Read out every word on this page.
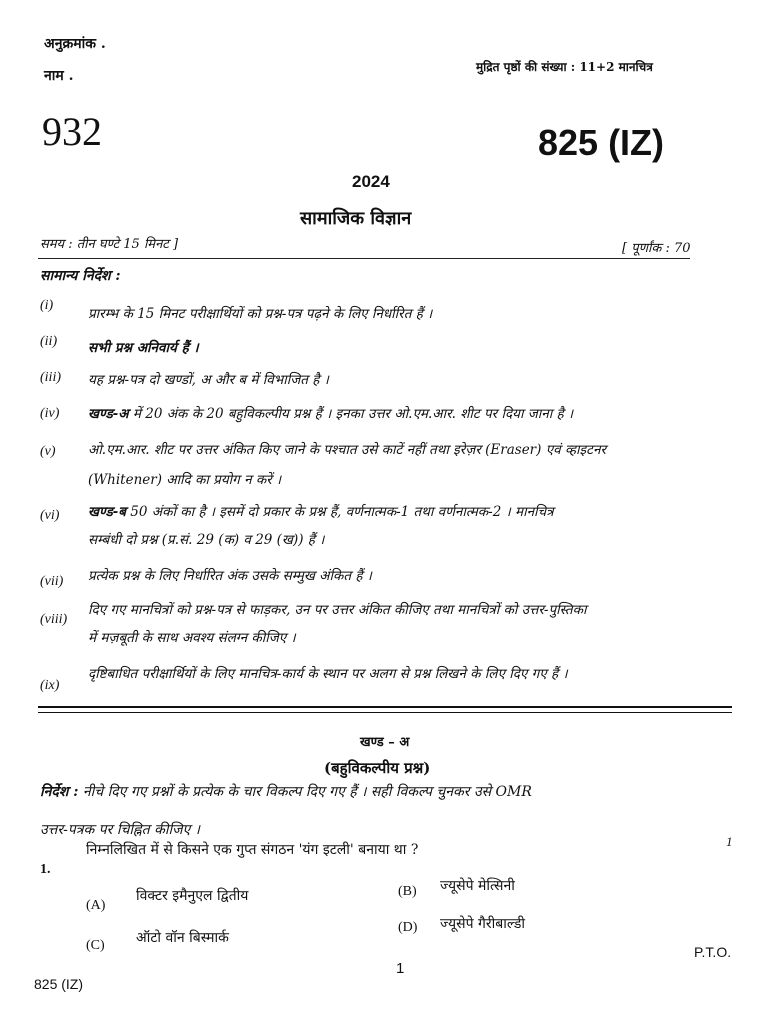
अनुक्रमांक .
नाम .
मुद्रित पृष्ठों की संख्या : 11+2 मानचित्र
932	825 (IZ)
2024
सामाजिक विज्ञान
समय : तीन घण्टे 15 मिनट ]	[ पूर्णांक : 70
सामान्य निर्देश :
(i)
प्रारम्भ के 15 मिनट परीक्षार्थियों को प्रश्न-पत्र पढ़ने के लिए निर्धारित हैं ।
(ii) सभी प्रश्न अनिवार्य हैं ।
(iii) यह प्रश्न-पत्र दो खण्डों, अ और ब में विभाजित है ।
(iv) खण्ड-अ में 20 अंक के 20 बहुविकल्पीय प्रश्न हैं । इनका उत्तर ओ.एम.आर. शीट पर दिया जाना है ।
(v) ओ.एम.आर. शीट पर उत्तर अंकित किए जाने के पश्चात उसे काटें नहीं तथा इरेज़र (Eraser) एवं व्हाइटनर
(Whitener) आदि का प्रयोग न करें ।
(vi) खण्ड-ब 50 अंकों का है । इसमें दो प्रकार के प्रश्न हैं, वर्णनात्मक-1 तथा वर्णनात्मक-2 । मानचित्र
सम्बंधी दो प्रश्न (प्र.सं. 29 (क) व 29 (ख)) हैं ।
(vii) प्रत्येक प्रश्न के लिए निर्धारित अंक उसके सम्मुख अंकित हैं ।
(viii)
दिए गए मानचित्रों को प्रश्न-पत्र से फाड़कर, उन पर उत्तर अंकित कीजिए तथा मानचित्रों को उत्तर-पुस्तिका
में मज़बूती के साथ अवश्य संलग्न कीजिए ।
(ix)
दृष्टिबाधित परीक्षार्थियों के लिए मानचित्र-कार्य के स्थान पर अलग से प्रश्न लिखने के लिए दिए गए हैं ।
खण्ड – अ
(बहुविकल्पीय प्रश्न)
निर्देश : नीचे दिए गए प्रश्नों के प्रत्येक के चार विकल्प दिए गए हैं । सही विकल्प चुनकर उसे OMR
उत्तर-पत्रक पर चिह्नित कीजिए ।
1
1.
निम्नलिखित में से किसने एक गुप्त संगठन 'यंग इटली' बनाया था ?
(A)
विक्टर इमैनुएल द्वितीय	(B) ज्यूसेपे मेत्सिनी
(C) ऑटो वॉन बिस्मार्क
(D) ज्यूसेपे गैरीबाल्डी
P.T.O.
1
825 (IZ)
